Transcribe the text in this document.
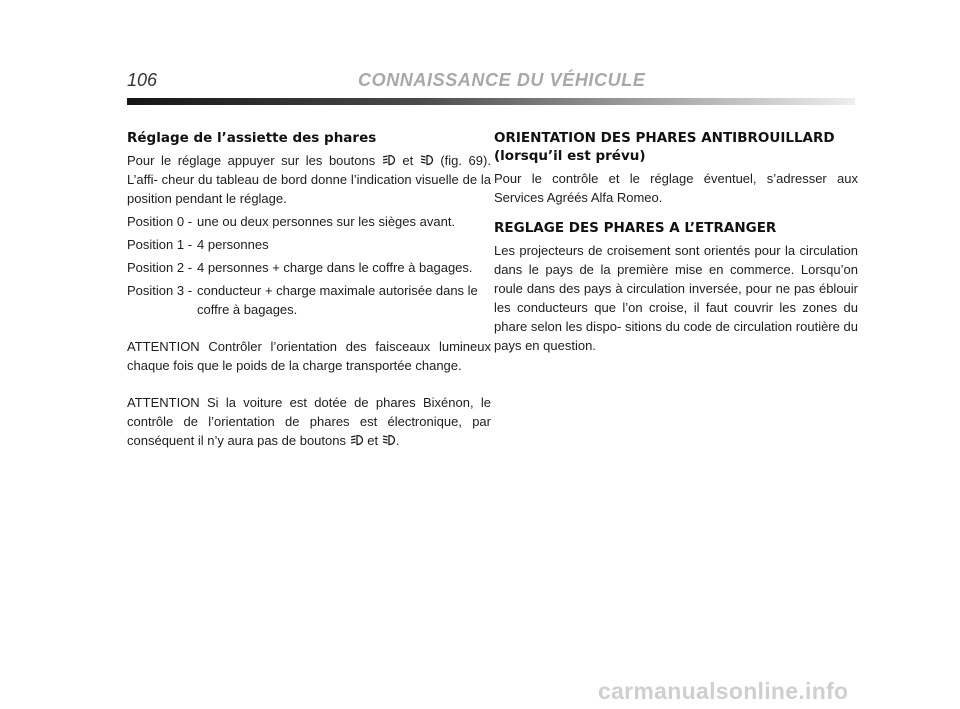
106	CONNAISSANCE DU VÉHICULE
Réglage de l’assiette des phares

Pour le réglage appuyer sur les boutons et (fig. 69). L’affi- cheur du tableau de bord donne l’indication visuelle de la position pendant le réglage.

Position 0 - une ou deux personnes sur les sièges avant.
Position 1 - 4 personnes
Position 2 - 4 personnes + charge dans le coffre à bagages.
Position 3 - conducteur + charge maximale autorisée dans le coffre à bagages.

ATTENTION Contrôler l’orientation des faisceaux lumineux chaque fois que le poids de la charge transportée change.

ATTENTION Si la voiture est dotée de phares Bixénon, le contrôle de l’orientation de phares est électronique, par conséquent il n’y aura pas de boutons et .

ORIENTATION DES PHARES ANTIBROUILLARD (lorsqu’il est prévu)

Pour le contrôle et le réglage éventuel, s’adresser aux Services Agréés Alfa Romeo.

REGLAGE DES PHARES A L’ETRANGER

Les projecteurs de croisement sont orientés pour la circulation dans le pays de la première mise en commerce. Lorsqu’on roule dans des pays à circulation inversée, pour ne pas éblouir les conducteurs que l’on croise, il faut couvrir les zones du phare selon les dispo- sitions du code de circulation routière du pays en question.

carmanualsonline.info
